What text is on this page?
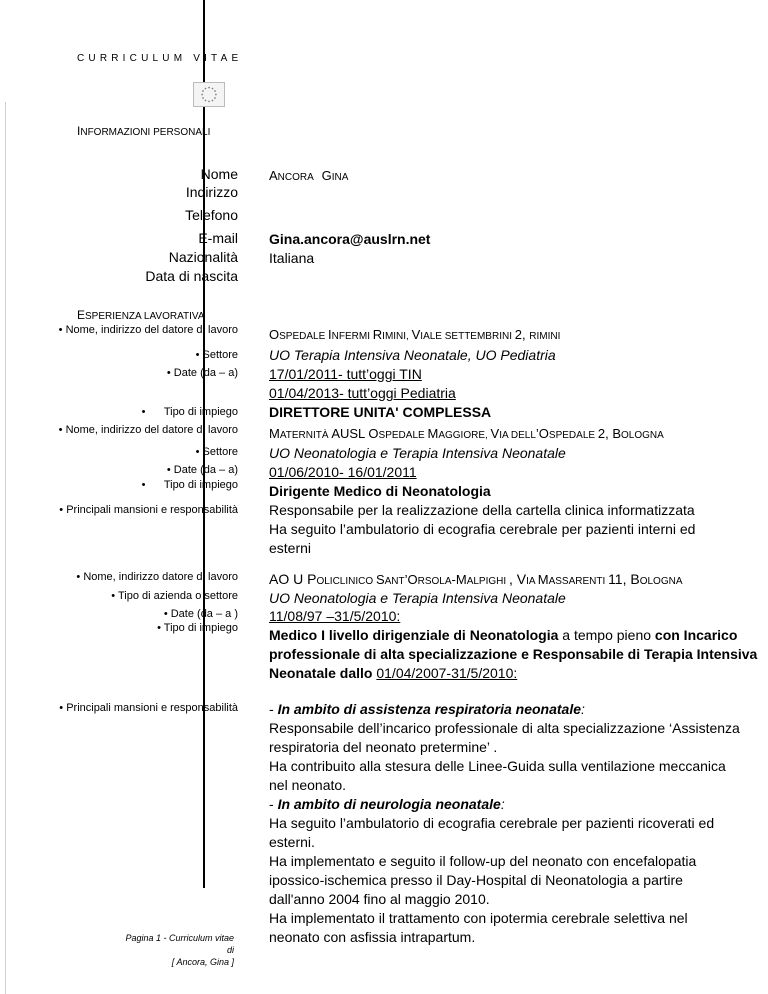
CURRICULUM VITAE
INFORMAZIONI PERSONALI
Nome ANCORA GINA
Indirizzo
Telefono
E-mail Gina.ancora@auslrn.net
Nazionalità Italiana
Data di nascita
ESPERIENZA LAVORATIVA
• Nome, indirizzo del datore di lavoro OSPEDALE INFERMI RIMINI, VIALE SETTEMBRINI 2, RIMINI
• Settore UO Terapia Intensiva Neonatale, UO Pediatria
• Date (da – a) 17/01/2011- tutt’oggi TIN
01/04/2013- tutt’oggi Pediatria
•      Tipo di impiego DIRETTORE UNITA' COMPLESSA
• Nome, indirizzo del datore di lavoro MATERNITÀ AUSL OSPEDALE MAGGIORE, VIA DELL’OSPEDALE 2, BOLOGNA
• Settore UO Neonatologia e Terapia Intensiva Neonatale
• Date (da – a) 01/06/2010- 16/01/2011
•      Tipo di impiego Dirigente Medico di Neonatologia
• Principali mansioni e responsabilità Responsabile per la realizzazione della cartella clinica informatizzata
Ha seguito l’ambulatorio di ecografia cerebrale per pazienti interni ed
esterni
• Nome, indirizzo datore di lavoro AO U POLICLINICO SANT’ORSOLA-MALPIGHI , VIA MASSARENTI 11, BOLOGNA
• Tipo di azienda o settore UO Neonatologia e Terapia Intensiva Neonatale
• Date (da – a ) 11/08/97 –31/5/2010:
• Tipo di impiego Medico I livello dirigenziale di Neonatologia a tempo pieno con Incarico
professionale di alta specializzazione e Responsabile di Terapia Intensiva
Neonatale dallo 01/04/2007-31/5/2010:
• Principali mansioni e responsabilità - In ambito di assistenza respiratoria neonatale:
Responsabile dell’incarico professionale di alta specializzazione ‘Assistenza
respiratoria del neonato pretermine’ .
Ha contribuito alla stesura delle Linee-Guida sulla ventilazione meccanica
nel neonato.
- In ambito di neurologia neonatale:
Ha seguito l’ambulatorio di ecografia cerebrale per pazienti ricoverati ed
esterni.
Ha implementato e seguito il follow-up del neonato con encefalopatia
ipossico-ischemica presso il Day-Hospital di Neonatologia a partire
dall'anno 2004 fino al maggio 2010.
Ha implementato il trattamento con ipotermia cerebrale selettiva nel
neonato con asfissia intrapartum.
Pagina 1 - Curriculum vitae di
[ Ancora, Gina ]
